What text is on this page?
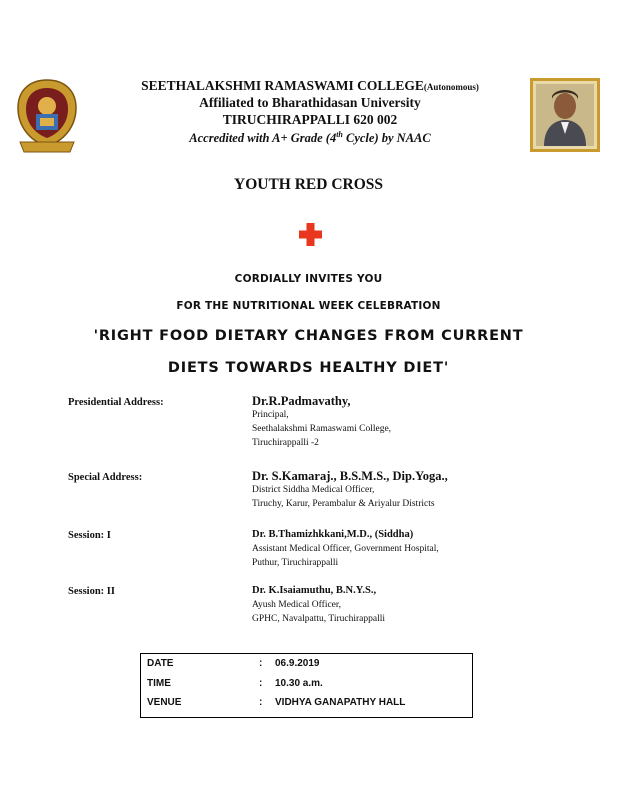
SEETHALAKSHMI RAMASWAMI COLLEGE(Autonomous)
Affiliated to Bharathidasan University
TIRUCHIRAPPALLI 620 002
Accredited with A+ Grade (4th Cycle) by NAAC
YOUTH RED CROSS
CORDIALLY INVITES YOU
FOR THE NUTRITIONAL WEEK CELEBRATION
'RIGHT FOOD DIETARY CHANGES FROM CURRENT
DIETS TOWARDS HEALTHY DIET'
Presidential Address:	Dr.R.Padmavathy,
Principal,
Seethalakshmi Ramaswami College,
Tiruchirappalli -2
Special Address:	Dr. S.Kamaraj., B.S.M.S., Dip.Yoga.,
District Siddha Medical Officer,
Tiruchy, Karur, Perambalur & Ariyalur Districts
Session: I	Dr. B.Thamizhkkani,M.D., (Siddha)
Assistant Medical Officer, Government Hospital,
Puthur, Tiruchirappalli
Session: II	Dr. K.Isaiamuthu, B.N.Y.S.,
Ayush Medical Officer,
GPHC, Navalpattu, Tiruchirappalli
DATE	: 06.9.2019
TIME	: 10.30 a.m.
VENUE	: VIDHYA GANAPATHY HALL
